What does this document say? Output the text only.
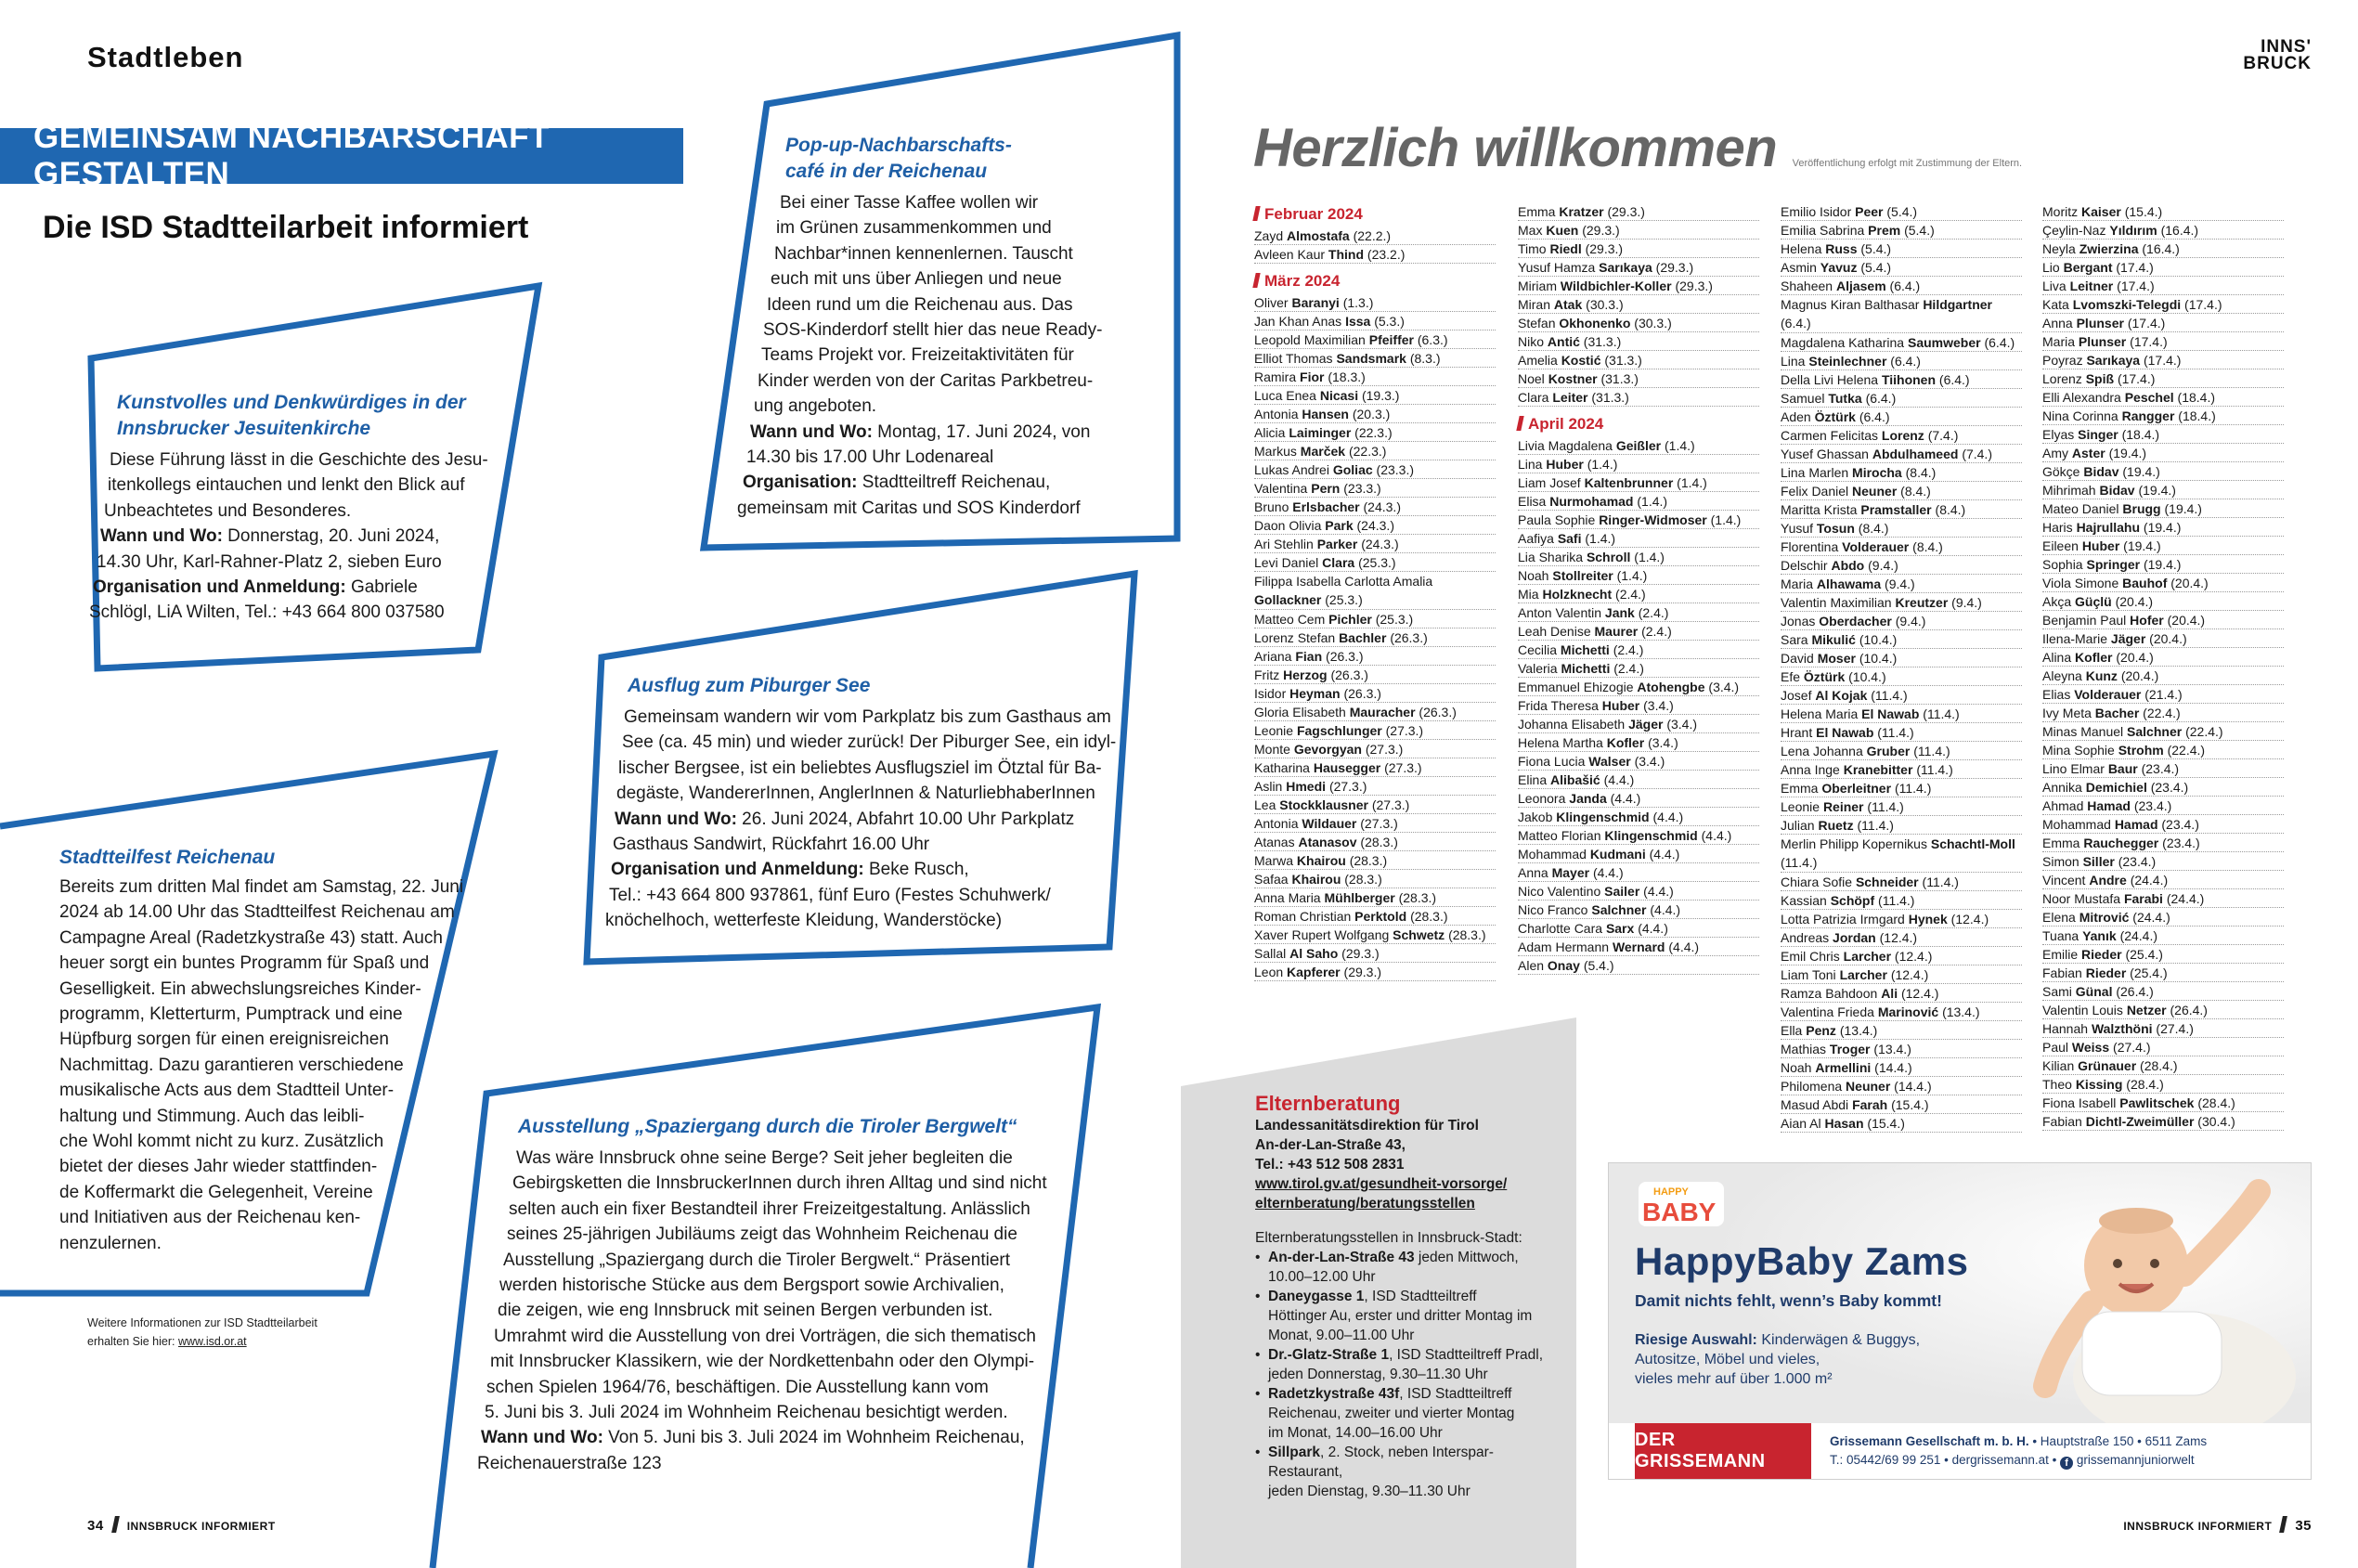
Stadtleben
GEMEINSAM NACHBARSCHAFT GESTALTEN
Die ISD Stadtteilarbeit informiert
Kunstvolles und Denkwürdiges in der
Innsbrucker Jesuitenkirche
Diese Führung lässt in die Geschichte des Jesu-
itenkollegs eintauchen und lenkt den Blick auf
Unbeachtetes und Besonderes.
Wann und Wo: Donnerstag, 20. Juni 2024,
14.30 Uhr, Karl-Rahner-Platz 2, sieben Euro
Organisation und Anmeldung: Gabriele
Schlögl, LiA Wilten, Tel.: +43 664 800 037580
Pop-up-Nachbarschafts-
café in der Reichenau
Bei einer Tasse Kaffee wollen wir
im Grünen zusammenkommen und
Nachbar*innen kennenlernen. Tauscht
euch mit uns über Anliegen und neue
Ideen rund um die Reichenau aus. Das
SOS-Kinderdorf stellt hier das neue Ready-
Teams Projekt vor. Freizeitaktivitäten für
Kinder werden von der Caritas Parkbetreu-
ung angeboten.
Wann und Wo: Montag, 17. Juni 2024, von
14.30 bis 17.00 Uhr Lodenareal
Organisation: Stadtteiltreff Reichenau,
gemeinsam mit Caritas und SOS Kinderdorf
Ausflug zum Piburger See
Gemeinsam wandern wir vom Parkplatz bis zum Gasthaus am
See (ca. 45 min) und wieder zurück! Der Piburger See, ein idyl-
lischer Bergsee, ist ein beliebtes Ausflugsziel im Ötztal für Ba-
degäste, WandererInnen, AnglerInnen & NaturliebhaberInnen
Wann und Wo: 26. Juni 2024, Abfahrt 10.00 Uhr Parkplatz
Gasthaus Sandwirt, Rückfahrt 16.00 Uhr
Organisation und Anmeldung: Beke Rusch,
Tel.: +43 664 800 937861, fünf Euro (Festes Schuhwerk/
knöchelhoch, wetterfeste Kleidung, Wanderstöcke)
Stadtteilfest Reichenau
Bereits zum dritten Mal findet am Samstag, 22. Juni
2024 ab 14.00 Uhr das Stadtteilfest Reichenau am
Campagne Areal (Radetzkystraße 43) statt. Auch
heuer sorgt ein buntes Programm für Spaß und
Geselligkeit. Ein abwechslungsreiches Kinder-
programm, Kletterturm, Pumptrack und eine
Hüpfburg sorgen für einen ereignisreichen
Nachmittag. Dazu garantieren verschiedene
musikalische Acts aus dem Stadtteil Unter-
haltung und Stimmung. Auch das leibli-
che Wohl kommt nicht zu kurz. Zusätzlich
bietet der dieses Jahr wieder stattfinden-
de Koffermarkt die Gelegenheit, Vereine
und Initiativen aus der Reichenau ken-
nenzulernen.
Ausstellung „Spaziergang durch die Tiroler Bergwelt“
Was wäre Innsbruck ohne seine Berge? Seit jeher begleiten die
Gebirgsketten die InnsbruckerInnen durch ihren Alltag und sind nicht
selten auch ein fixer Bestandteil ihrer Freizeitgestaltung. Anlässlich
seines 25-jährigen Jubiläums zeigt das Wohnheim Reichenau die
Ausstellung „Spaziergang durch die Tiroler Bergwelt.“ Präsentiert
werden historische Stücke aus dem Bergsport sowie Archivalien,
die zeigen, wie eng Innsbruck mit seinen Bergen verbunden ist.
Umrahmt wird die Ausstellung von drei Vorträgen, die sich thematisch
mit Innsbrucker Klassikern, wie der Nordkettenbahn oder den Olympi-
schen Spielen 1964/76, beschäftigen. Die Ausstellung kann vom
5. Juni bis 3. Juli 2024 im Wohnheim Reichenau besichtigt werden.
Wann und Wo: Von 5. Juni bis 3. Juli 2024 im Wohnheim Reichenau,
Reichenauerstraße 123
Weitere Informationen zur ISD Stadtteilarbeit
erhalten Sie hier: www.isd.or.at
34 INNSBRUCK INFORMIERT
INNS'
BRUCK
Herzlich willkommen Veröffentlichung erfolgt mit Zustimmung der Eltern.
Februar 2024
Zayd Almostafa (22.2.)
Avleen Kaur Thind (23.2.)
März 2024
Oliver Baranyi (1.3.)
Jan Khan Anas Issa (5.3.)
Leopold Maximilian Pfeiffer (6.3.)
Elliot Thomas Sandsmark (8.3.)
Ramira Fior (18.3.)
Luca Enea Nicasi (19.3.)
Antonia Hansen (20.3.)
Alicia Laiminger (22.3.)
Markus Marček (22.3.)
Lukas Andrei Goliac (23.3.)
Valentina Pern (23.3.)
Bruno Erlsbacher (24.3.)
Daon Olivia Park (24.3.)
Ari Stehlin Parker (24.3.)
Levi Daniel Clara (25.3.)
Filippa Isabella Carlotta Amalia Gollackner (25.3.)
Matteo Cem Pichler (25.3.)
Lorenz Stefan Bachler (26.3.)
Ariana Fian (26.3.)
Fritz Herzog (26.3.)
Isidor Heyman (26.3.)
Gloria Elisabeth Mauracher (26.3.)
Leonie Fagschlunger (27.3.)
Monte Gevorgyan (27.3.)
Katharina Hausegger (27.3.)
Aslin Hmedi (27.3.)
Lea Stockklausner (27.3.)
Antonia Wildauer (27.3.)
Atanas Atanasov (28.3.)
Marwa Khairou (28.3.)
Safaa Khairou (28.3.)
Anna Maria Mühlberger (28.3.)
Roman Christian Perktold (28.3.)
Xaver Rupert Wolfgang Schwetz (28.3.)
Sallal Al Saho (29.3.)
Leon Kapferer (29.3.)
Emma Kratzer (29.3.)
Max Kuen (29.3.)
Timo Riedl (29.3.)
Yusuf Hamza Sarıkaya (29.3.)
Miriam Wildbichler-Koller (29.3.)
Miran Atak (30.3.)
Stefan Okhonenko (30.3.)
Niko Antić (31.3.)
Amelia Kostić (31.3.)
Noel Kostner (31.3.)
Clara Leiter (31.3.)
April 2024
Livia Magdalena Geißler (1.4.)
Lina Huber (1.4.)
Liam Josef Kaltenbrunner (1.4.)
Elisa Nurmohamad (1.4.)
Paula Sophie Ringer-Widmoser (1.4.)
Aafiya Safi (1.4.)
Lia Sharika Schroll (1.4.)
Noah Stollreiter (1.4.)
Mia Holzknecht (2.4.)
Anton Valentin Jank (2.4.)
Leah Denise Maurer (2.4.)
Cecilia Michetti (2.4.)
Valeria Michetti (2.4.)
Emmanuel Ehizogie Atohengbe (3.4.)
Frida Theresa Huber (3.4.)
Johanna Elisabeth Jäger (3.4.)
Helena Martha Kofler (3.4.)
Fiona Lucia Walser (3.4.)
Elina Alibašić (4.4.)
Leonora Janda (4.4.)
Jakob Klingenschmid (4.4.)
Matteo Florian Klingenschmid (4.4.)
Mohammad Kudmani (4.4.)
Anna Mayer (4.4.)
Nico Valentino Sailer (4.4.)
Nico Franco Salchner (4.4.)
Charlotte Cara Sarx (4.4.)
Adam Hermann Wernard (4.4.)
Alen Onay (5.4.)
Emilio Isidor Peer (5.4.)
Emilia Sabrina Prem (5.4.)
Helena Russ (5.4.)
Asmin Yavuz (5.4.)
Shaheen Aljasem (6.4.)
Magnus Kiran Balthasar Hildgartner (6.4.)
Magdalena Katharina Saumweber (6.4.)
Lina Steinlechner (6.4.)
Della Livi Helena Tiihonen (6.4.)
Samuel Tutka (6.4.)
Aden Öztürk (6.4.)
Carmen Felicitas Lorenz (7.4.)
Yusef Ghassan Abdulhameed (7.4.)
Lina Marlen Mirocha (8.4.)
Felix Daniel Neuner (8.4.)
Maritta Krista Pramstaller (8.4.)
Yusuf Tosun (8.4.)
Florentina Volderauer (8.4.)
Delschir Abdo (9.4.)
Maria Alhawama (9.4.)
Valentin Maximilian Kreutzer (9.4.)
Jonas Oberdacher (9.4.)
Sara Mikulić (10.4.)
David Moser (10.4.)
Efe Öztürk (10.4.)
Josef Al Kojak (11.4.)
Helena Maria El Nawab (11.4.)
Hrant El Nawab (11.4.)
Lena Johanna Gruber (11.4.)
Anna Inge Kranebitter (11.4.)
Emma Oberleitner (11.4.)
Leonie Reiner (11.4.)
Julian Ruetz (11.4.)
Merlin Philipp Kopernikus Schachtl-Moll (11.4.)
Chiara Sofie Schneider (11.4.)
Kassian Schöpf (11.4.)
Lotta Patrizia Irmgard Hynek (12.4.)
Andreas Jordan (12.4.)
Emil Chris Larcher (12.4.)
Liam Toni Larcher (12.4.)
Ramza Bahdoon Ali (12.4.)
Valentina Frieda Marinović (13.4.)
Ella Penz (13.4.)
Mathias Troger (13.4.)
Noah Armellini (14.4.)
Philomena Neuner (14.4.)
Masud Abdi Farah (15.4.)
Aian Al Hasan (15.4.)
Moritz Kaiser (15.4.)
Çeylin-Naz Yıldırım (16.4.)
Neyla Zwierzina (16.4.)
Lio Bergant (17.4.)
Liva Leitner (17.4.)
Kata Lvomszki-Telegdi (17.4.)
Anna Plunser (17.4.)
Maria Plunser (17.4.)
Poyraz Sarıkaya (17.4.)
Lorenz Spiß (17.4.)
Elli Alexandra Peschel (18.4.)
Nina Corinna Rangger (18.4.)
Elyas Singer (18.4.)
Amy Aster (19.4.)
Gökçe Bidav (19.4.)
Mihrimah Bidav (19.4.)
Mateo Daniel Brugg (19.4.)
Haris Hajrullahu (19.4.)
Eileen Huber (19.4.)
Sophia Springer (19.4.)
Viola Simone Bauhof (20.4.)
Akça Güçlü (20.4.)
Benjamin Paul Hofer (20.4.)
Ilena-Marie Jäger (20.4.)
Alina Kofler (20.4.)
Aleyna Kunz (20.4.)
Elias Volderauer (21.4.)
Ivy Meta Bacher (22.4.)
Minas Manuel Salchner (22.4.)
Mina Sophie Strohm (22.4.)
Lino Elmar Baur (23.4.)
Annika Demichiel (23.4.)
Ahmad Hamad (23.4.)
Mohammad Hamad (23.4.)
Emma Rauchegger (23.4.)
Simon Siller (23.4.)
Vincent Andre (24.4.)
Noor Mustafa Farabi (24.4.)
Elena Mitrović (24.4.)
Tuana Yanık (24.4.)
Emilie Rieder (25.4.)
Fabian Rieder (25.4.)
Sami Günal (26.4.)
Valentin Louis Netzer (26.4.)
Hannah Walzthöni (27.4.)
Paul Weiss (27.4.)
Kilian Grünauer (28.4.)
Theo Kissing (28.4.)
Fiona Isabell Pawlitschek (28.4.)
Fabian Dichtl-Zweimüller (30.4.)
Elternberatung
Landessanitätsdirektion für Tirol
An-der-Lan-Straße 43,
Tel.: +43 512 508 2831
www.tirol.gv.at/gesundheit-vorsorge/
elternberatung/beratungsstellen
Elternberatungsstellen in Innsbruck-Stadt:
• An-der-Lan-Straße 43 jeden Mittwoch,
10.00–12.00 Uhr
• Daneygasse 1, ISD Stadtteiltreff
Höttinger Au, erster und dritter Montag im
Monat, 9.00–11.00 Uhr
• Dr.-Glatz-Straße 1, ISD Stadtteiltreff Pradl,
jeden Donnerstag, 9.30–11.30 Uhr
• Radetzkystraße 43f, ISD Stadtteiltreff
Reichenau, zweiter und vierter Montag
im Monat, 14.00–16.00 Uhr
• Sillpark, 2. Stock, neben Interspar-Restaurant,
jeden Dienstag, 9.30–11.30 Uhr
HAPPY
BABY
HappyBaby Zams
Damit nichts fehlt, wenn’s Baby kommt!
Riesige Auswahl: Kinderwägen & Buggys,
Autositze, Möbel und vieles,
vieles mehr auf über 1.000 m²
DER GRISSEMANN
Grissemann Gesellschaft m. b. H. • Hauptstraße 150 • 6511 Zams
T.: 05442/69 99 251 • dergrissemann.at • f grissemannjuniorwelt
INNSBRUCK INFORMIERT 35
